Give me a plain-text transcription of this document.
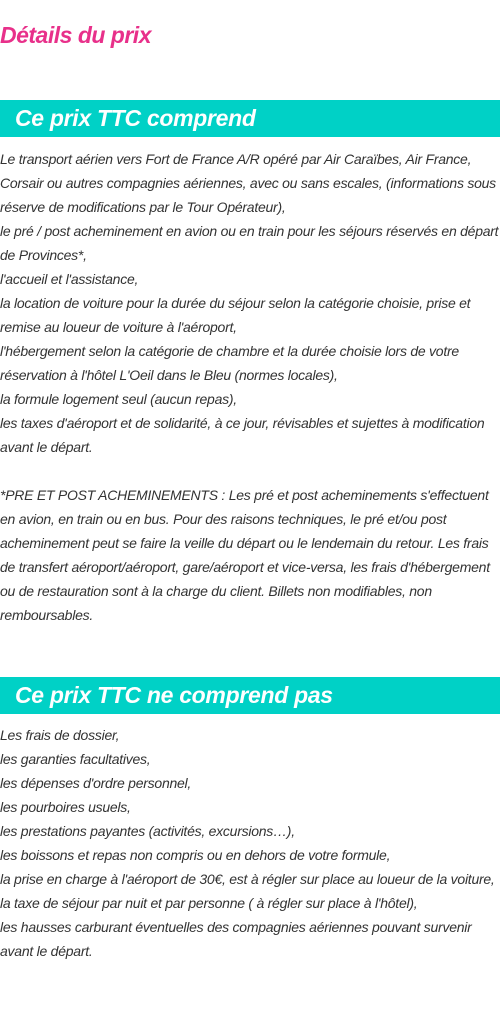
Détails du prix
Ce prix TTC comprend

Le transport aérien vers Fort de France A/R opéré par Air Caraïbes, Air France, Corsair ou autres compagnies aériennes, avec ou sans escales, (informations sous réserve de modifications par le Tour Opérateur),

le pré / post acheminement en avion ou en train pour les séjours réservés en départ de Provinces*,

l'accueil et l'assistance,

la location de voiture pour la durée du séjour selon la catégorie choisie, prise et remise au loueur de voiture à l'aéroport,

l'hébergement selon la catégorie de chambre et la durée choisie lors de votre réservation à l'hôtel L'Oeil dans le Bleu (normes locales),

la formule logement seul (aucun repas),

les taxes d'aéroport et de solidarité, à ce jour, révisables et sujettes à modification avant le départ.

*PRE ET POST ACHEMINEMENTS : Les pré et post acheminements s'effectuent en avion, en train ou en bus. Pour des raisons techniques, le pré et/ou post acheminement peut se faire la veille du départ ou le lendemain du retour. Les frais de transfert aéroport/aéroport, gare/aéroport et vice-versa, les frais d'hébergement ou de restauration sont à la charge du client. Billets non modifiables, non remboursables.

Ce prix TTC ne comprend pas

Les frais de dossier,

les garanties facultatives,

les dépenses d'ordre personnel,

les pourboires usuels,

les prestations payantes (activités, excursions…),

les boissons et repas non compris ou en dehors de votre formule,

la prise en charge à l'aéroport de 30€, est à régler sur place au loueur de la voiture,

la taxe de séjour par nuit et par personne ( à régler sur place à l'hôtel),

les hausses carburant éventuelles des compagnies aériennes pouvant survenir avant le départ.
